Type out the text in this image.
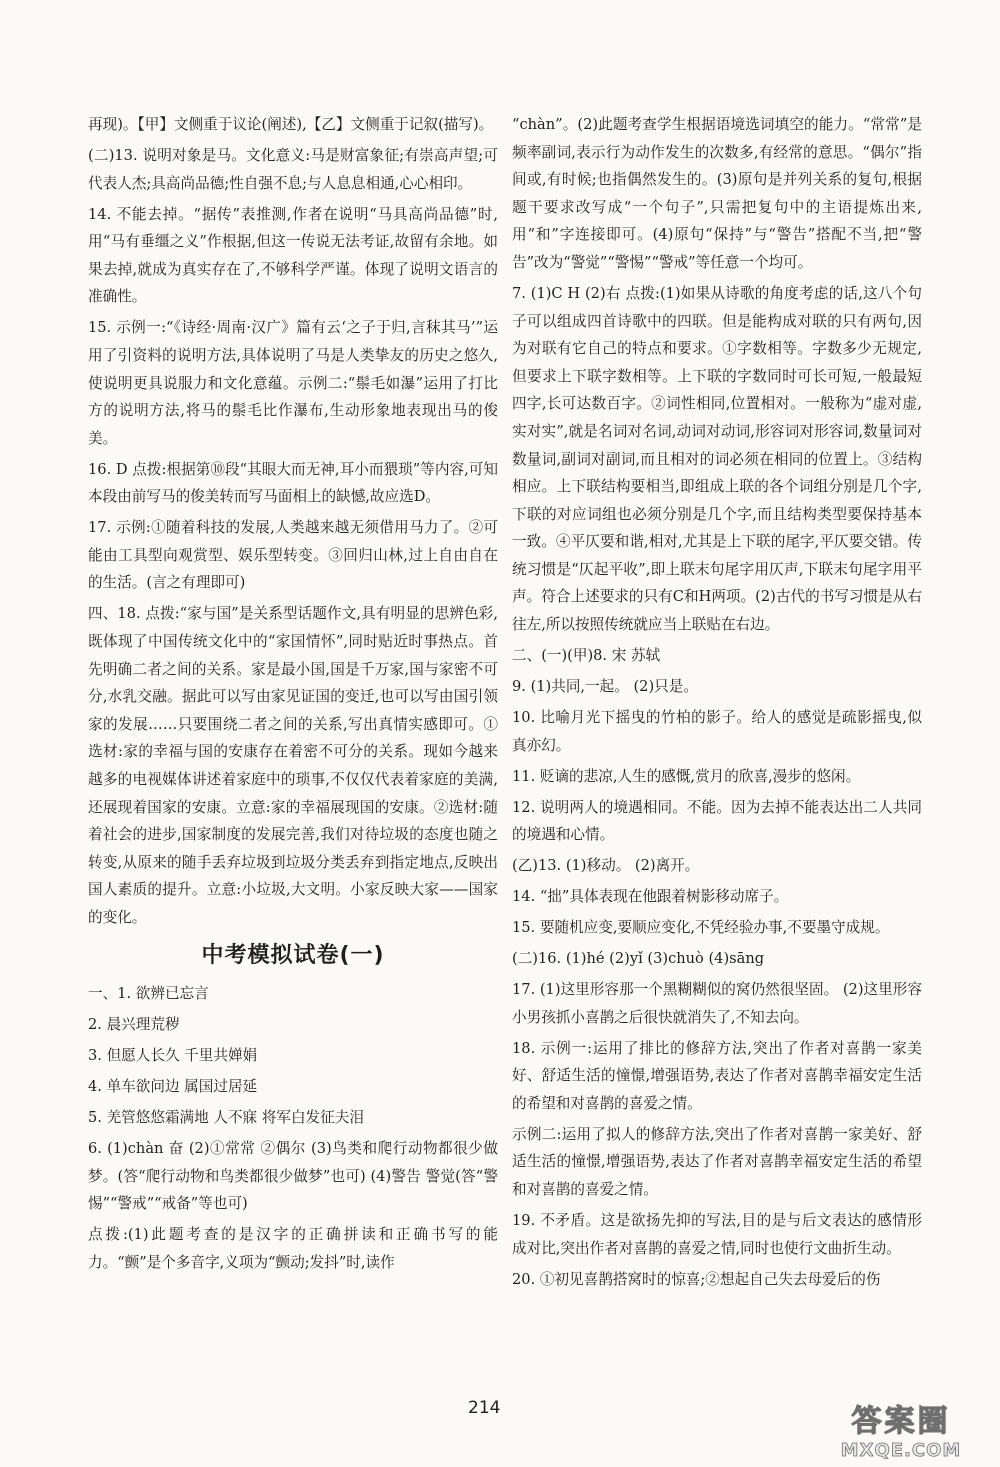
再现)。【甲】文侧重于议论(阐述),【乙】文侧重于记叙(描写)。

(二)13. 说明对象是马。文化意义:马是财富象征;有崇高声望;可代表人杰;具高尚品德;性自强不息;与人息息相通,心心相印。

14. 不能去掉。“据传”表推测,作者在说明“马具高尚品德”时,用“马有垂缰之义”作根据,但这一传说无法考证,故留有余地。如果去掉,就成为真实存在了,不够科学严谨。体现了说明文语言的准确性。

15. 示例一:“《诗经·周南·汉广》篇有云‘之子于归,言秣其马’”运用了引资料的说明方法,具体说明了马是人类挚友的历史之悠久,使说明更具说服力和文化意蕴。示例二:“鬃毛如瀑”运用了打比方的说明方法,将马的鬃毛比作瀑布,生动形象地表现出马的俊美。

16. D 点拨:根据第⑩段“其眼大而无神,耳小而猥琐”等内容,可知本段由前写马的俊美转而写马面相上的缺憾,故应选D。

17. 示例:①随着科技的发展,人类越来越无须借用马力了。②可能由工具型向观赏型、娱乐型转变。③回归山林,过上自由自在的生活。(言之有理即可)

四、18. 点拨:“家与国”是关系型话题作文,具有明显的思辨色彩,既体现了中国传统文化中的“家国情怀”,同时贴近时事热点。首先明确二者之间的关系。家是最小国,国是千万家,国与家密不可分,水乳交融。据此可以写由家见证国的变迁,也可以写由国引领家的发展……只要围绕二者之间的关系,写出真情实感即可。①选材:家的幸福与国的安康存在着密不可分的关系。现如今越来越多的电视媒体讲述着家庭中的琐事,不仅仅代表着家庭的美满,还展现着国家的安康。立意:家的幸福展现国的安康。②选材:随着社会的进步,国家制度的发展完善,我们对待垃圾的态度也随之转变,从原来的随手丢弃垃圾到垃圾分类丢弃到指定地点,反映出国人素质的提升。立意:小垃圾,大文明。小家反映大家——国家的变化。

中考模拟试卷(一)

一、1. 欲辨已忘言

2. 晨兴理荒秽

3. 但愿人长久 千里共婵娟

4. 单车欲问边 属国过居延

5. 羌管悠悠霜满地 人不寐 将军白发征夫泪

6. (1)chàn 奋 (2)①常常 ②偶尔 (3)鸟类和爬行动物都很少做梦。(答“爬行动物和鸟类都很少做梦”也可) (4)警告 警觉(答“警惕”“警戒”“戒备”等也可)

点拨:(1)此题考查的是汉字的正确拼读和正确书写的能力。“颤”是个多音字,义项为“颤动;发抖”时,读作

“chàn”。(2)此题考查学生根据语境选词填空的能力。“常常”是频率副词,表示行为动作发生的次数多,有经常的意思。“偶尔”指间或,有时候;也指偶然发生的。(3)原句是并列关系的复句,根据题干要求改写成“一个句子”,只需把复句中的主语提炼出来,用“和”字连接即可。(4)原句“保持”与“警告”搭配不当,把“警告”改为“警觉”“警惕”“警戒”等任意一个均可。

7. (1)C H (2)右 点拨:(1)如果从诗歌的角度考虑的话,这八个句子可以组成四首诗歌中的四联。但是能构成对联的只有两句,因为对联有它自己的特点和要求。①字数相等。字数多少无规定,但要求上下联字数相等。上下联的字数同时可长可短,一般最短四字,长可达数百字。②词性相同,位置相对。一般称为“虚对虚,实对实”,就是名词对名词,动词对动词,形容词对形容词,数量词对数量词,副词对副词,而且相对的词必须在相同的位置上。③结构相应。上下联结构要相当,即组成上联的各个词组分别是几个字,下联的对应词组也必须分别是几个字,而且结构类型要保持基本一致。④平仄要和谐,相对,尤其是上下联的尾字,平仄要交错。传统习惯是“仄起平收”,即上联末句尾字用仄声,下联末句尾字用平声。符合上述要求的只有C和H两项。(2)古代的书写习惯是从右往左,所以按照传统就应当上联贴在右边。

二、(一)(甲)8. 宋 苏轼

9. (1)共同,一起。 (2)只是。

10. 比喻月光下摇曳的竹柏的影子。给人的感觉是疏影摇曳,似真亦幻。

11. 贬谪的悲凉,人生的感慨,赏月的欣喜,漫步的悠闲。

12. 说明两人的境遇相同。不能。因为去掉不能表达出二人共同的境遇和心情。

(乙)13. (1)移动。 (2)离开。

14. “拙”具体表现在他跟着树影移动席子。

15. 要随机应变,要顺应变化,不凭经验办事,不要墨守成规。

(二)16. (1)hé (2)yǐ (3)chuò (4)sāng

17. (1)这里形容那一个黑糊糊似的窝仍然很坚固。 (2)这里形容小男孩抓小喜鹊之后很快就消失了,不知去向。

18. 示例一:运用了排比的修辞方法,突出了作者对喜鹊一家美好、舒适生活的憧憬,增强语势,表达了作者对喜鹊幸福安定生活的希望和对喜鹊的喜爱之情。

示例二:运用了拟人的修辞方法,突出了作者对喜鹊一家美好、舒适生活的憧憬,增强语势,表达了作者对喜鹊幸福安定生活的希望和对喜鹊的喜爱之情。

19. 不矛盾。这是欲扬先抑的写法,目的是与后文表达的感情形成对比,突出作者对喜鹊的喜爱之情,同时也使行文曲折生动。

20. ①初见喜鹊搭窝时的惊喜;②想起自己失去母爱后的伤

214	答案圈
MXQE.COM
